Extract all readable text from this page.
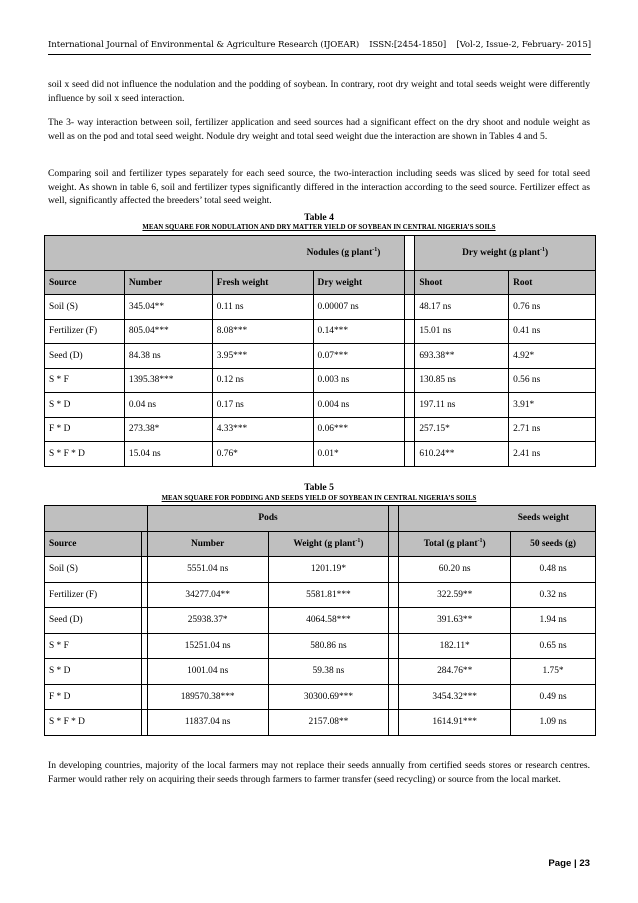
International Journal of Environmental & Agriculture Research (IJOEAR) ISSN:[2454-1850] [Vol-2, Issue-2, February- 2015]

soil x seed did not influence the nodulation and the podding of soybean. In contrary, root dry weight and total seeds weight were differently influence by soil x seed interaction.

The 3- way interaction between soil, fertilizer application and seed sources had a significant effect on the dry shoot and nodule weight as well as on the pod and total seed weight. Nodule dry weight and total seed weight due the interaction are shown in Tables 4 and 5.

Comparing soil and fertilizer types separately for each seed source, the two-interaction including seeds was sliced by seed for total seed weight. As shown in table 6, soil and fertilizer types significantly differed in the interaction according to the seed source. Fertilizer effect as well, significantly affected the breeders’ total seed weight.

Table 4

MEAN SQUARE FOR NODULATION AND DRY MATTER YIELD OF SOYBEAN IN CENTRAL NIGERIA’S SOILS

Nodules (g plant$^{-1}$)					Dry weight (g plant$^{-1}$)	
Source	Number	Fresh weight	Dry weight		Shoot	Root
Soil (S)	345.04**	0.11 ns	0.00007 ns		48.17 ns	0.76 ns
Fertilizer (F)	805.04***	8.08***	0.14***		15.01 ns	0.41 ns
Seed (D)	84.38 ns	3.95***	0.07***		693.38**	4.92*
S * F	1395.38***	0.12 ns	0.003 ns		130.85 ns	0.56 ns
S * D	0.04 ns	0.17 ns	0.004 ns		197.11 ns	3.91*
F * D	273.38*	4.33***	0.06***		257.15*	2.71 ns
S * F * D	15.04 ns	0.76*	0.01*		610.24**	2.41 ns

Table 5

MEAN SQUARE FOR PODDING AND SEEDS YIELD OF SOYBEAN IN CENTRAL NIGERIA’S SOILS

		Pods			Seeds weight	
Source		Number	Weight (g plant$^{-1}$)		Total (g plant$^{-1}$)	50 seeds (g)
Soil (S)		5551.04 ns	1201.19*		60.20 ns	0.48 ns
Fertilizer (F)		34277.04**	5581.81***		322.59**	0.32 ns
Seed (D)		25938.37*	4064.58***		391.63**	1.94 ns
S * F		15251.04 ns	580.86 ns		182.11*	0.65 ns
S * D		1001.04 ns	59.38 ns		284.76**	1.75*
F * D		189570.38***	30300.69***		3454.32***	0.49 ns
S * F * D		11837.04 ns	2157.08**		1614.91***	1.09 ns

In developing countries, majority of the local farmers may not replace their seeds annually from certified seeds stores or research centres. Farmer would rather rely on acquiring their seeds through farmers to farmer transfer (seed recycling) or source from the local market.

Page | 23
